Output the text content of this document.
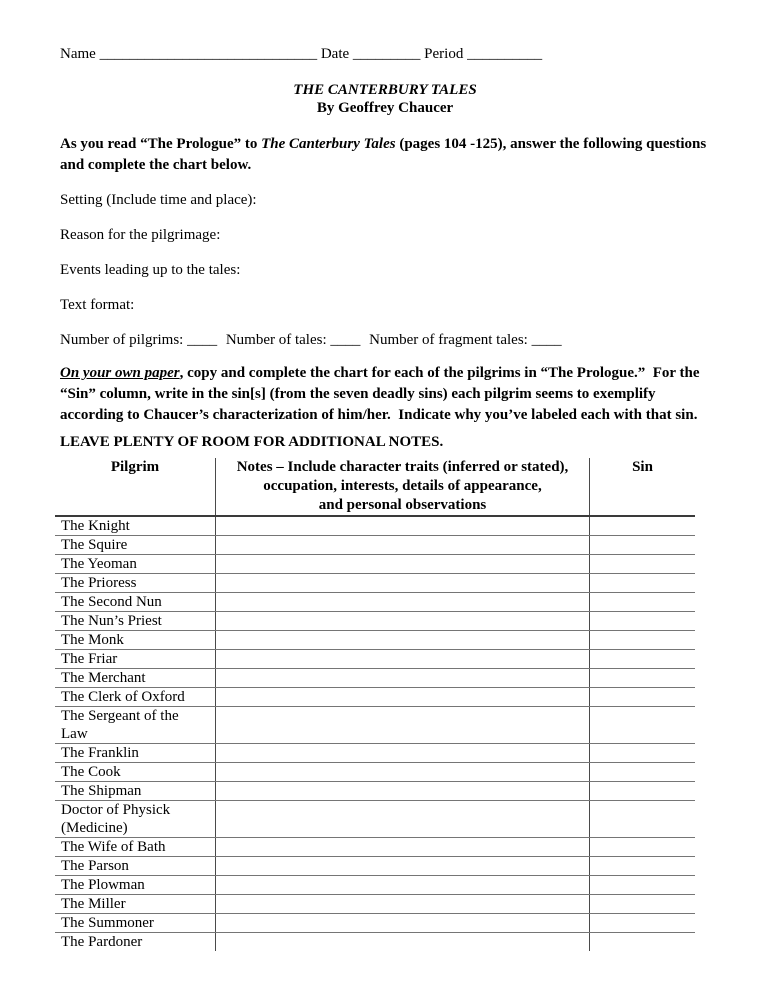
Name _____________________________ Date _________ Period __________

THE CANTERBURY TALES
By Geoffrey Chaucer

As you read “The Prologue” to The Canterbury Tales (pages 104 -125), answer the following questions and complete the chart below.

Setting (Include time and place):

Reason for the pilgrimage:

Events leading up to the tales:

Text format:

Number of pilgrims: ____ Number of tales: ____ Number of fragment tales: ____

On your own paper, copy and complete the chart for each of the pilgrims in “The Prologue.”  For the “Sin” column, write in the sin[s] (from the seven deadly sins) each pilgrim seems to exemplify according to Chaucer’s characterization of him/her.  Indicate why you’ve labeled each with that sin.

LEAVE PLENTY OF ROOM FOR ADDITIONAL NOTES.

Pilgrim	Notes – Include character traits (inferred or stated),
occupation, interests, details of appearance,
and personal observations
Sin
The Knight
The Squire
The Yeoman
The Prioress
The Second Nun
The Nun’s Priest
The Monk
The Friar
The Merchant
The Clerk of Oxford
The Sergeant of the Law
The Franklin
The Cook
The Shipman
Doctor of Physick (Medicine)
The Wife of Bath
The Parson
The Plowman
The Miller
The Summoner
The Pardoner
